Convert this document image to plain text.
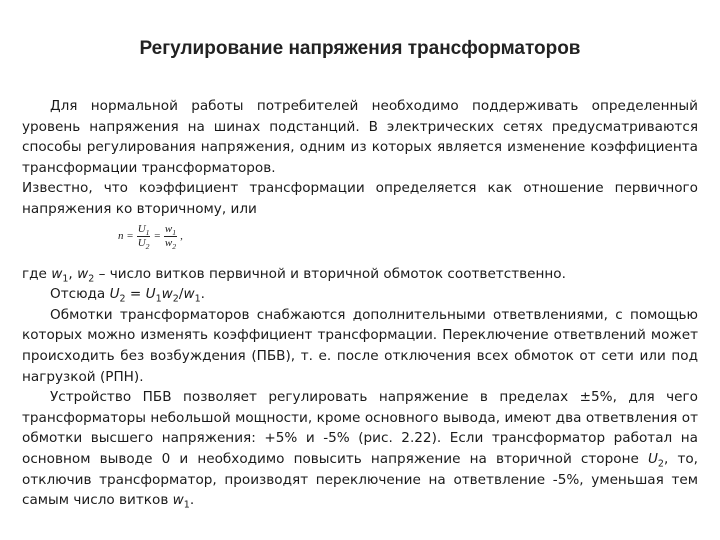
Регулирование напряжения трансформаторов

Для нормальной работы потребителей необходимо поддерживать определенный уровень напряжения на шинах подстанций. В электрических сетях предусматриваются способы регулирования напряжения, одним из которых является изменение коэффициента трансформации трансформаторов.

Известно, что коэффициент трансформации определяется как отношение первичного напряжения ко вторичному, или

$n = \frac{U_1}{U_2} = \frac{w_1}{w_2}$ ,

где $w_1$, $w_2$ – число витков первичной и вторичной обмоток соответственно.

Отсюда $U_2 = U_1w_2/w_1$.

Обмотки трансформаторов снабжаются дополнительными ответвлениями, с помощью которых можно изменять коэффициент трансформации. Переключение ответвлений может происходить без возбуждения (ПБВ), т. е. после отключения всех обмоток от сети или под нагрузкой (РПН).

Устройство ПБВ позволяет регулировать напряжение в пределах ±5%, для чего трансформаторы небольшой мощности, кроме основного вывода, имеют два ответвления от обмотки высшего напряжения: +5% и -5% (рис. 2.22). Если трансформатор работал на основном выводе 0 и необходимо повысить напряжение на вторичной стороне $U_2$, то, отключив трансформатор, производят переключение на ответвление -5%, уменьшая тем самым число витков $w_1$.
